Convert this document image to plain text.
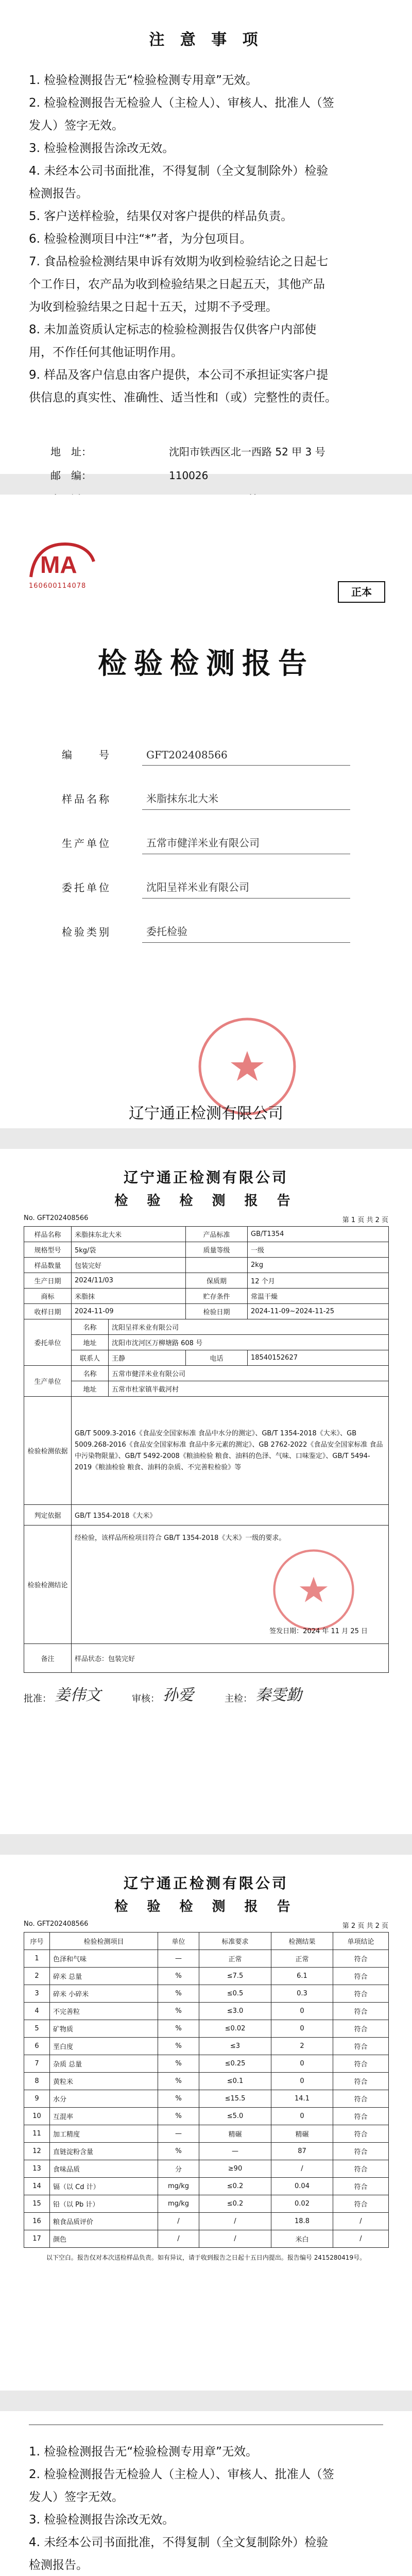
注 意 事 项
1. 检验检测报告无“检验检测专用章”无效。
2. 检验检测报告无检验人（主检人）、审核人、批准人（签
发人）签字无效。
3. 检验检测报告涂改无效。
4. 未经本公司书面批准，不得复制（全文复制除外）检验
检测报告。
5. 客户送样检验，结果仅对客户提供的样品负责。
6. 检验检测项目中注“*”者，为分包项目。
7. 食品检验检测结果申诉有效期为收到检验结论之日起七
个工作日，农产品为收到检验结果之日起五天，其他产品
为收到检验结果之日起十五天，过期不予受理。
8. 未加盖资质认定标志的检验检测报告仅供客户内部使
用，不作任何其他证明作用。
9. 样品及客户信息由客户提供，本公司不承担证实客户提
供信息的真实性、准确性、适当性和（或）完整性的责任。
地　址：	沈阳市铁西区北一西路 52 甲 3 号
邮　编：	110026
MA
160600114078	正本
检验检测报告
编　　号	GFT202408566
样品名称	米脂抹东北大米
生产单位	五常市健洋米业有限公司
委托单位	沈阳呈祥米业有限公司
检验类别	委托检验
辽宁通正检测有限公司
辽宁通正检测有限公司
检 验 检 测 报 告
No. GFT202408566	第 1 页 共 2 页
样品名称	米脂抹东北大米		产品标准	GB/T1354
规格型号	5kg/袋		质量等级	一级
样品数量	包装完好			2kg
生产日期	2024/11/03		保质期	12 个月
商标	米脂抹		贮存条件	常温干燥
收样日期	2024-11-09		检验日期	2024-11-09~2024-11-25
委托单位	名称	沈阳呈祥米业有限公司		
	地址	沈阳市沈河区万柳塘路 608 号		
	联系人	王静	电话	18540152627
生产单位	名称	五常市健洋米业有限公司		
	地址	五常市杜家镇半截河村		
检验检测依据	GB/T 5009.3-2016《食品安全国家标准 食品中水分的测定》、GB/T 1354-2018《大米》、GB 5009.268-2016《食品安全国家标准 食品中多元素的测定》、GB 2762-2022《食品安全国家标准 食品中污染物限量》、GB/T 5492-2008《粮油检验 粮食、油料的色泽、气味、口味鉴定》、GB/T 5494-2019《粮油检验 粮食、油料的杂质、不完善粒检验》等			
判定依据	GB/T 1354-2018《大米》			
检验检测结论	经检验，该样品所检项目符合 GB/T 1354-2018《大米》一级的要求。
签发日期：2024 年 11 月 25 日			

备注	样品状态：包装完好			
批准： 姜伟文	审核： 孙爱	主检： 秦雯勤
辽宁通正检测有限公司
检 验 检 测 报 告
No. GFT202408566	第 2 页 共 2 页
序号	检验检测项目	单位	标准要求	检测结果	单项结论
1	色泽和气味	—	正常	正常	符合
2	碎米 总量	%	≤7.5	6.1	符合
3	碎米 小碎米	%	≤0.5	0.3	符合
4	不完善粒	%	≤3.0	0	符合
5	矿物质	%	≤0.02	0	符合
6	垩白度	%	≤3	2	符合
7	杂质 总量	%	≤0.25	0	符合
8	黄粒米	%	≤0.1	0	符合
9	水分	%	≤15.5	14.1	符合
10	互混率	%	≤5.0	0	符合
11	加工精度	—	精碾	精碾	符合
12	直链淀粉含量	%	—	87	符合
13	食味品质	分	≥90	/	符合
14	镉（以 Cd 计）	mg/kg	≤0.2	0.04	符合
15	铅（以 Pb 计）	mg/kg	≤0.2	0.02	符合
16	粮食品质评价	/	/	18.8	/
17	颜色	/	/	米白	/
以下空白。报告仅对本次送检样品负责。如有异议，请于收到报告之日起十五日内提出。报告编号 2415280419号。
1. 检验检测报告无“检验检测专用章”无效。
2. 检验检测报告无检验人（主检人）、审核人、批准人（签
发人）签字无效。
3. 检验检测报告涂改无效。
4. 未经本公司书面批准，不得复制（全文复制除外）检验
检测报告。
